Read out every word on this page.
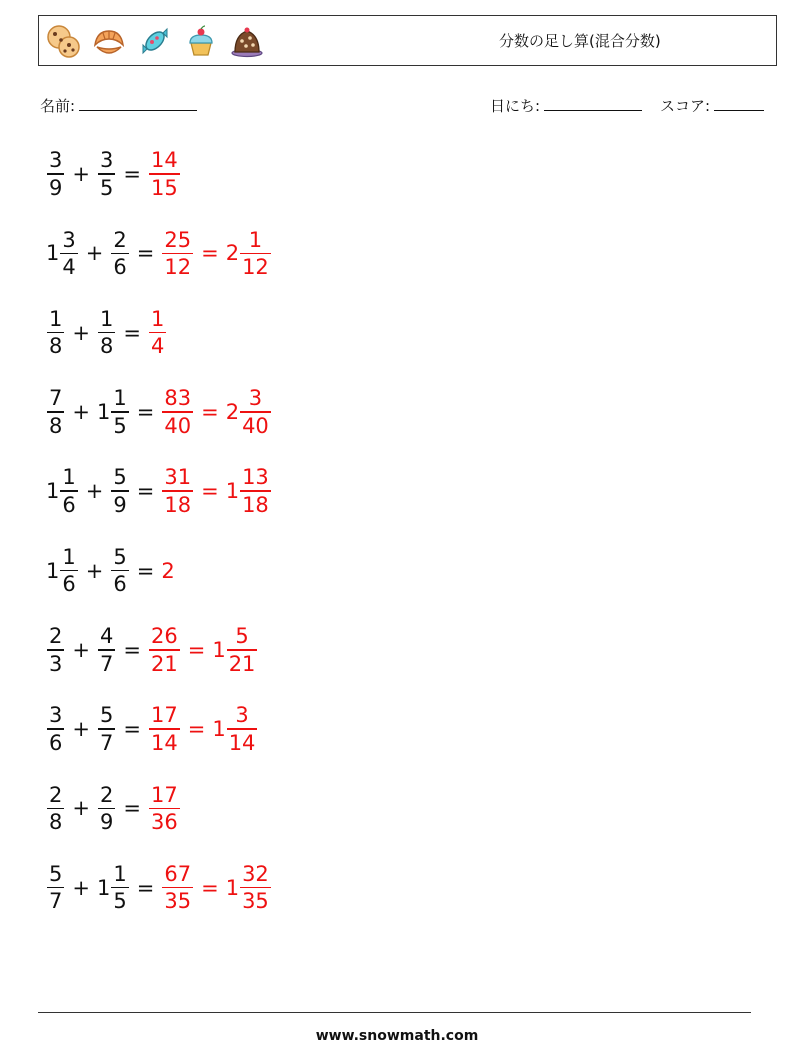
分数の足し算(混合分数)
名前:	日にち:	スコア:
$\frac{3}{9} + \frac{3}{5} = \frac{14}{15}$
$1 \frac{3}{4} + \frac{2}{6} = \frac{25}{12} = 2 \frac{1}{12}$
$\frac{1}{8} + \frac{1}{8} = \frac{1}{4}$
$\frac{7}{8} + 1 \frac{1}{5} = \frac{83}{40} = 2 \frac{3}{40}$
$1 \frac{1}{6} + \frac{5}{9} = \frac{31}{18} = 1 \frac{13}{18}$
$1 \frac{1}{6} + \frac{5}{6} = 2$
$\frac{2}{3} + \frac{4}{7} = \frac{26}{21} = 1 \frac{5}{21}$
$\frac{3}{6} + \frac{5}{7} = \frac{17}{14} = 1 \frac{3}{14}$
$\frac{2}{8} + \frac{2}{9} = \frac{17}{36}$
$\frac{5}{7} + 1 \frac{1}{5} = \frac{67}{35} = 1 \frac{32}{35}$
www.snowmath.com
